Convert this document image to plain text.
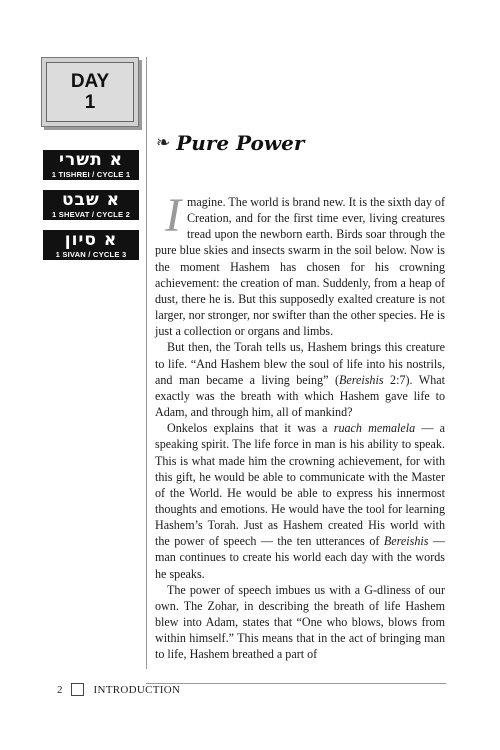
DAY
1
א תשרי
1 TISHREI / CYCLE 1
א שבט
1 SHEVAT / CYCLE 2
א סיון
1 SIVAN / CYCLE 3
❧ Pure Power

Imagine. The world is brand new. It is the sixth day of Creation, and for the first time ever, living creatures tread upon the newborn earth. Birds soar through the pure blue skies and insects swarm in the soil below. Now is the moment Hashem has chosen for his crowning achievement: the creation of man. Suddenly, from a heap of dust, there he is. But this supposedly exalted creature is not larger, nor stronger, nor swifter than the other species. He is just a collection or organs and limbs.

But then, the Torah tells us, Hashem brings this creature to life. “And Hashem blew the soul of life into his nostrils, and man became a living being” (Bereishis 2:7). What exactly was the breath with which Hashem gave life to Adam, and through him, all of mankind?

Onkelos explains that it was a ruach memalela — a speaking spirit. The life force in man is his ability to speak. This is what made him the crowning achievement, for with this gift, he would be able to communicate with the Master of the World. He would be able to express his innermost thoughts and emotions. He would have the tool for learning Hashem’s Torah. Just as Hashem created His world with the power of speech — the ten utterances of Bereishis — man continues to create his world each day with the words he speaks.

The power of speech imbues us with a G-dliness of our own. The Zohar, in describing the breath of life Hashem blew into Adam, states that “One who blows, blows from within himself.” This means that in the act of bringing man to life, Hashem breathed a part of

2	INTRODUCTION
